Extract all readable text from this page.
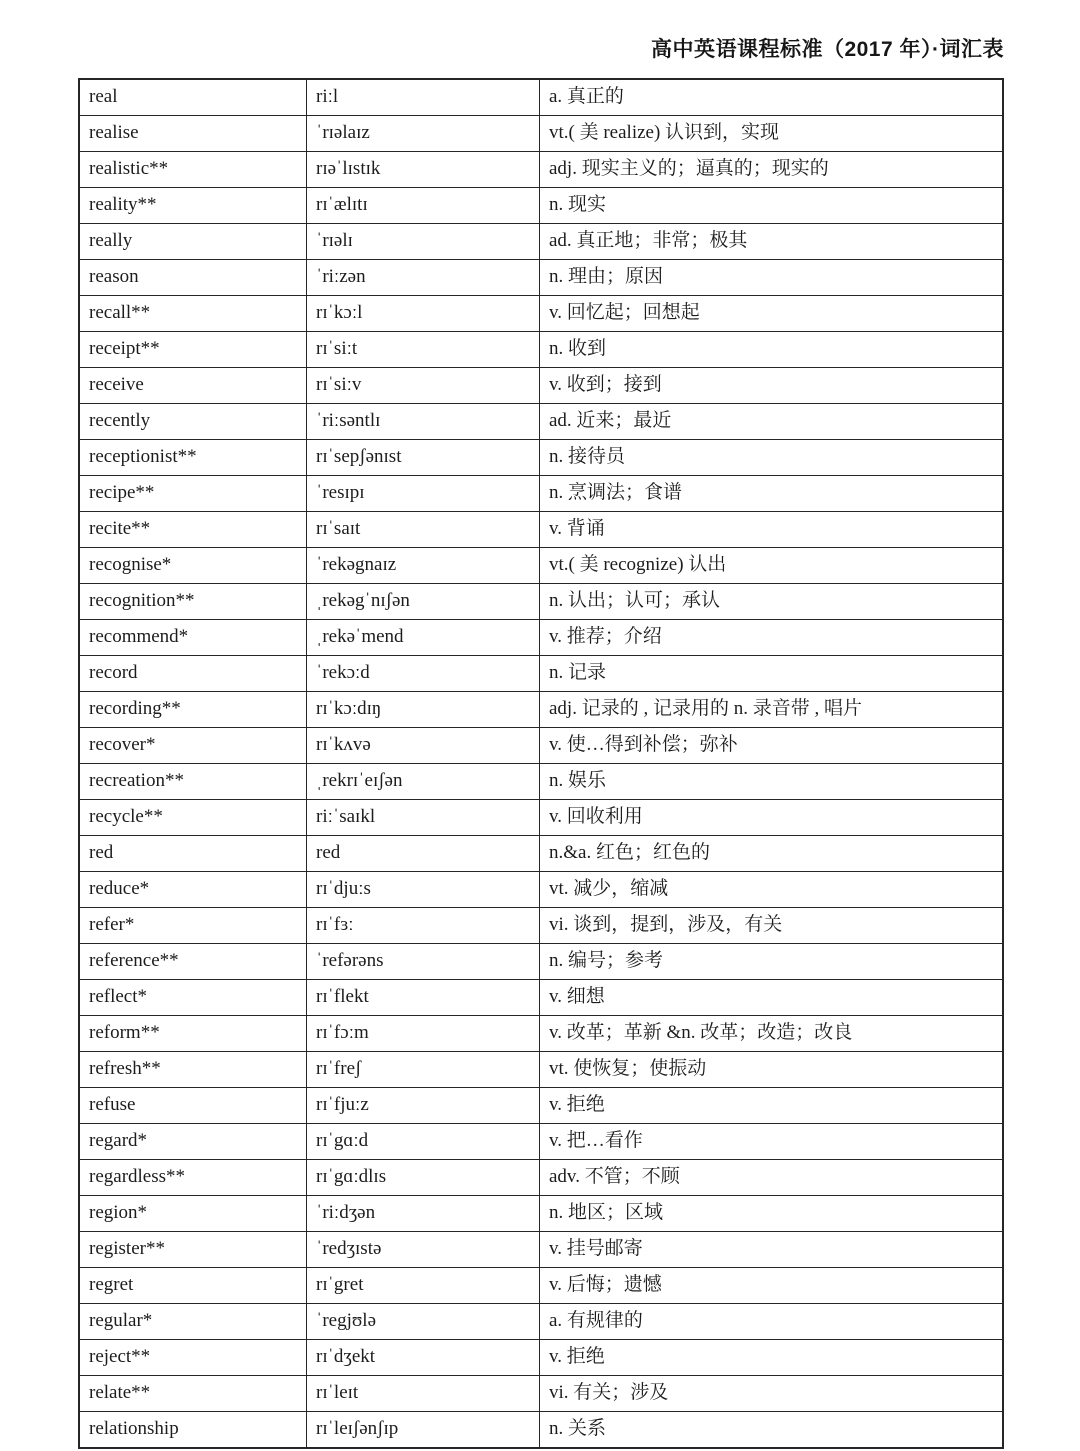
高中英语课程标准（2017 年）·词汇表
real	riːl	a. 真正的
realise	ˈrɪəlaɪz	vt.( 美 realize) 认识到，实现
realistic**	rɪəˈlɪstɪk	adj. 现实主义的；逼真的；现实的
reality**	rɪˈælɪtɪ	n. 现实
really	ˈrɪəlɪ	ad. 真正地；非常；极其
reason	ˈriːzən	n. 理由；原因
recall**	rɪˈkɔːl	v. 回忆起；回想起
receipt**	rɪˈsiːt	n. 收到
receive	rɪˈsiːv	v. 收到；接到
recently	ˈriːsəntlɪ	ad. 近来；最近
receptionist**	rɪˈsepʃənɪst	n. 接待员
recipe**	ˈresɪpɪ	n. 烹调法；食谱
recite**	rɪˈsaɪt	v. 背诵
recognise*	ˈrekəgnaɪz	vt.( 美 recognize) 认出
recognition**	ˌrekəgˈnɪʃən	n. 认出；认可；承认
recommend*	ˌrekəˈmend	v. 推荐；介绍
record	ˈrekɔːd	n. 记录
recording**	rɪˈkɔːdɪŋ	adj. 记录的 , 记录用的 n. 录音带 , 唱片
recover*	rɪˈkʌvə	v. 使…得到补偿；弥补
recreation**	ˌrekrɪˈeɪʃən	n. 娱乐
recycle**	riːˈsaɪkl	v. 回收利用
red	red	n.&a. 红色；红色的
reduce*	rɪˈdjuːs	vt. 减少，缩减
refer*	rɪˈfɜː	vi. 谈到，提到，涉及，有关
reference**	ˈrefərəns	n. 编号；参考
reflect*	rɪˈflekt	v. 细想
reform**	rɪˈfɔːm	v. 改革；革新 &n. 改革；改造；改良
refresh**	rɪˈfreʃ	vt. 使恢复；使振动
refuse	rɪˈfjuːz	v. 拒绝
regard*	rɪˈgɑːd	v. 把…看作
regardless**	rɪˈgɑːdlɪs	adv. 不管；不顾
region*	ˈriːdʒən	n. 地区；区域
register**	ˈredʒɪstə	v. 挂号邮寄
regret	rɪˈgret	v. 后悔；遗憾
regular*	ˈregjʊlə	a. 有规律的
reject**	rɪˈdʒekt	v. 拒绝
relate**	rɪˈleɪt	vi. 有关；涉及
relationship	rɪˈleɪʃənʃɪp	n. 关系
